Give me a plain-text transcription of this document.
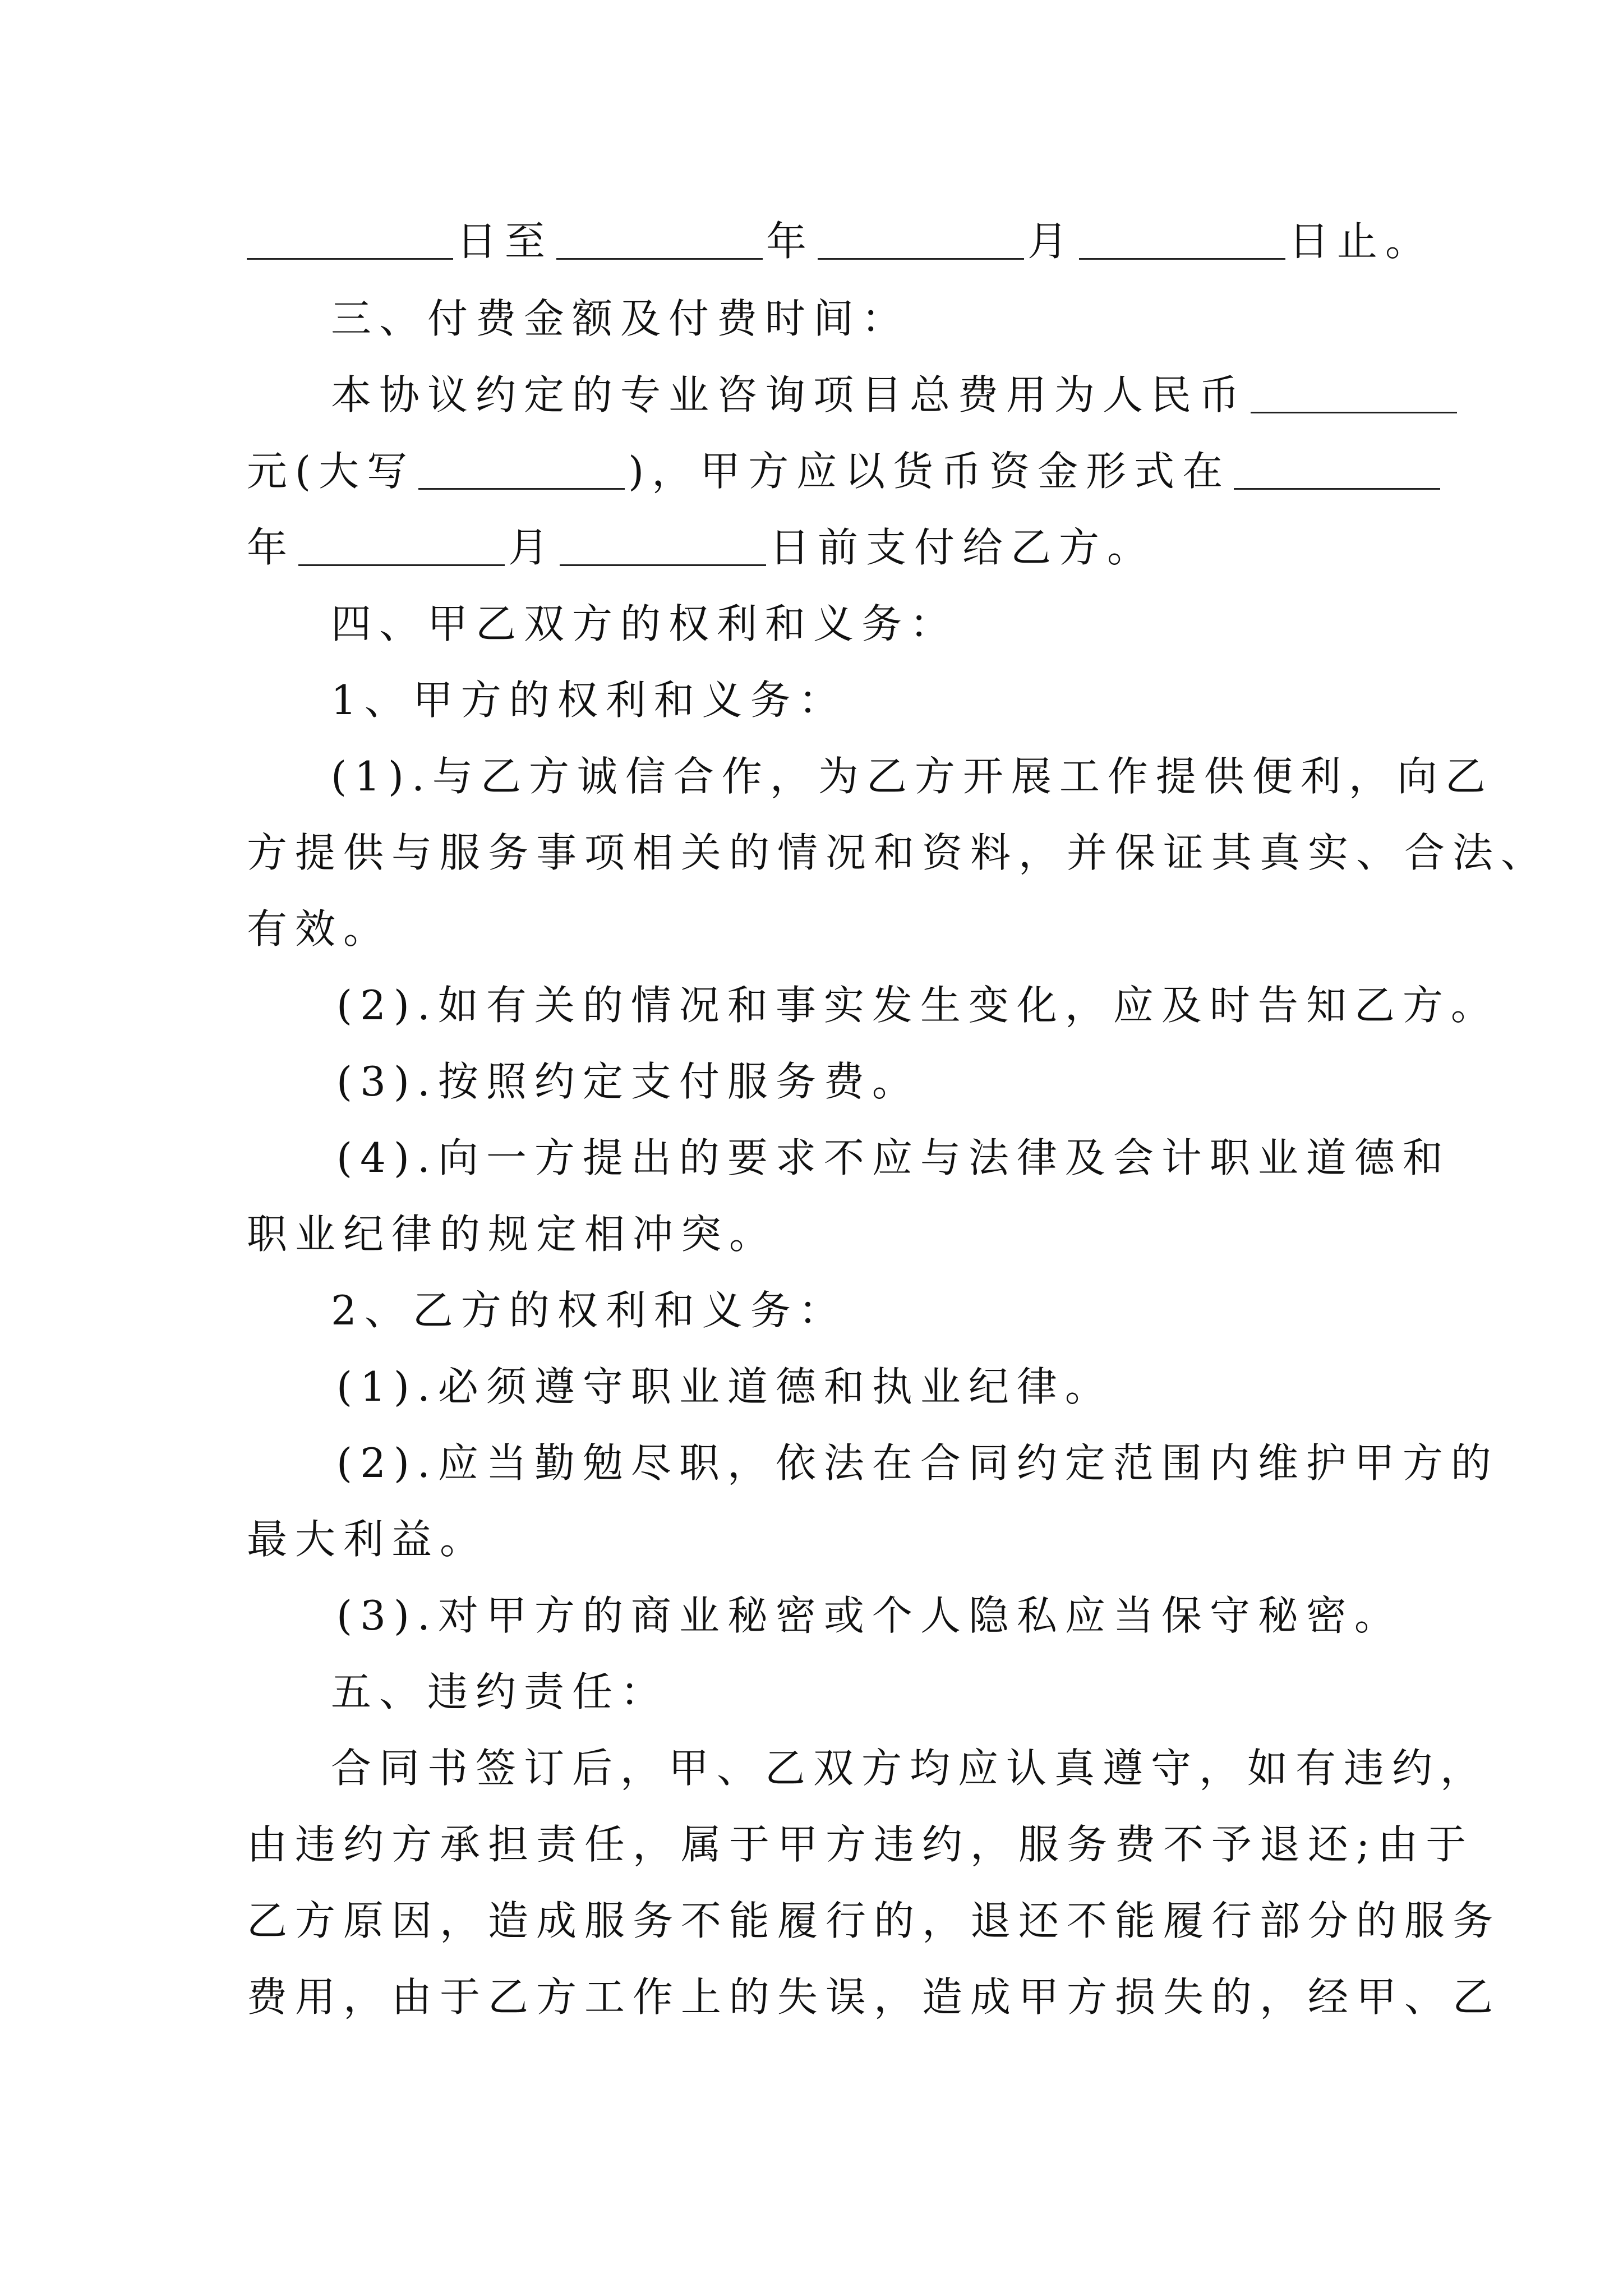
日至	年	月	日止。
三、付费金额及付费时间：
本协议约定的专业咨询项目总费用为人民币
元(大写	)，甲方应以货币资金形式在
年	月	日前支付给乙方。
四、甲乙双方的权利和义务：
1、甲方的权利和义务：
(1).与乙方诚信合作，为乙方开展工作提供便利，向乙
方提供与服务事项相关的情况和资料，并保证其真实、合法、
有效。
(2).如有关的情况和事实发生变化，应及时告知乙方。
(3).按照约定支付服务费。
(4).向一方提出的要求不应与法律及会计职业道德和
职业纪律的规定相冲突。
2、乙方的权利和义务：
(1).必须遵守职业道德和执业纪律。
(2).应当勤勉尽职，依法在合同约定范围内维护甲方的
最大利益。
(3).对甲方的商业秘密或个人隐私应当保守秘密。
五、违约责任：
合同书签订后，甲、乙双方均应认真遵守，如有违约，
由违约方承担责任，属于甲方违约，服务费不予退还;由于
乙方原因，造成服务不能履行的，退还不能履行部分的服务
费用，由于乙方工作上的失误，造成甲方损失的，经甲、乙
